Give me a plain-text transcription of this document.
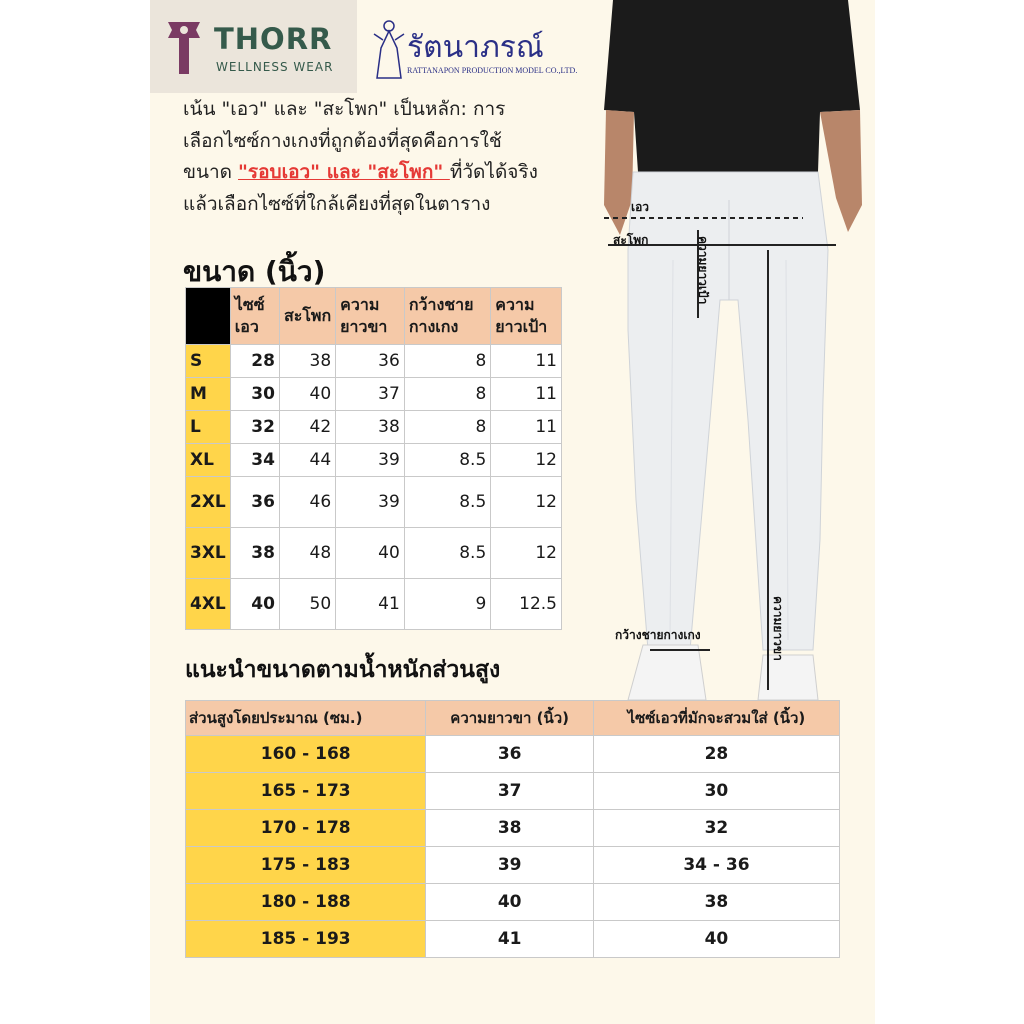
THORR
WELLNESS WEAR
รัตนาภรณ์
RATTANAPON PRODUCTION MODEL CO.,LTD.
เน้น "เอว" และ "สะโพก" เป็นหลัก: การเลือกไซซ์กางเกงที่ถูกต้องที่สุดคือการใช้ขนาด "รอบเอว" และ "สะโพก" ที่วัดได้จริง แล้วเลือกไซซ์ที่ใกล้เคียงที่สุดในตาราง
ขนาด (นิ้ว)
	ไซซ์เอว	สะโพก	ความยาวขา	กว้างชายกางเกง	ความยาวเป้า
S	28	38	36	8	11
M	30	40	37	8	11
L	32	42	38	8	11
XL	34	44	39	8.5	12
2XL	36	46	39	8.5	12
3XL	38	48	40	8.5	12
4XL	40	50	41	9	12.5
แนะนำขนาดตามน้ำหนักส่วนสูง
ส่วนสูงโดยประมาณ (ซม.)	ความยาวขา (นิ้ว)	ไซซ์เอวที่มักจะสวมใส่ (นิ้ว)
160 - 168	36	28
165 - 173	37	30
170 - 178	38	32
175 - 183	39	34 - 36
180 - 188	40	38
185 - 193	41	40
เอว
สะโพก	ความยาวเป้า
ความยาวขา
กว้างชายกางเกง
